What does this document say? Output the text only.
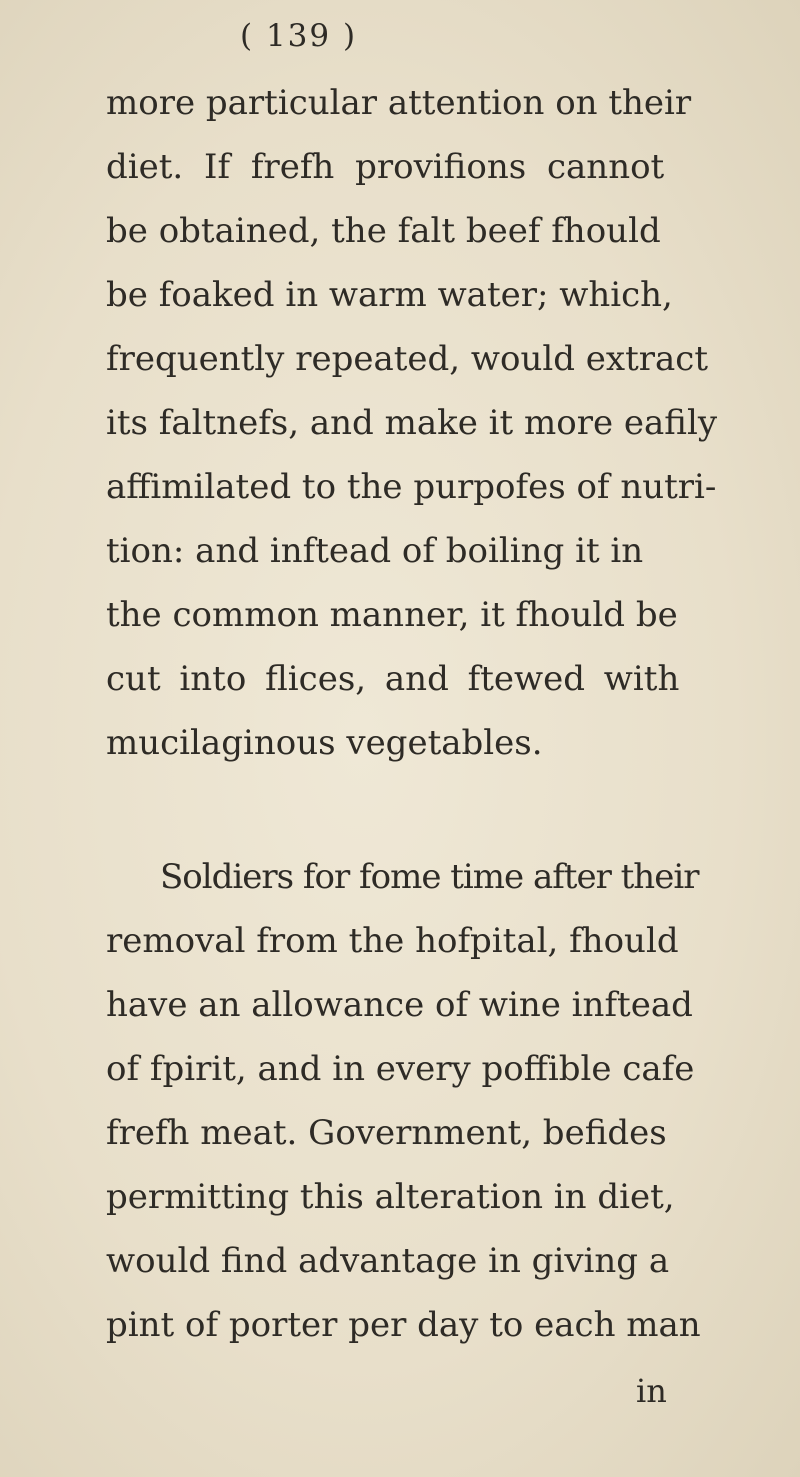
( 139 )
more particular attention on their
diet. If frefh provifions cannot
be obtained, the falt beef fhould
be foaked in warm water; which,
frequently repeated, would extract
its faltnefs, and make it more eafily
affimilated to the purpofes of nutri-
tion: and inftead of boiling it in
the common manner, it fhould be
cut into flices, and ftewed with
mucilaginous vegetables.
Soldiers for fome time after their
removal from the hofpital, fhould
have an allowance of wine inftead
of fpirit, and in every poffible cafe
frefh meat. Government, befides
permitting this alteration in diet,
would find advantage in giving a
pint of porter per day to each man
in
